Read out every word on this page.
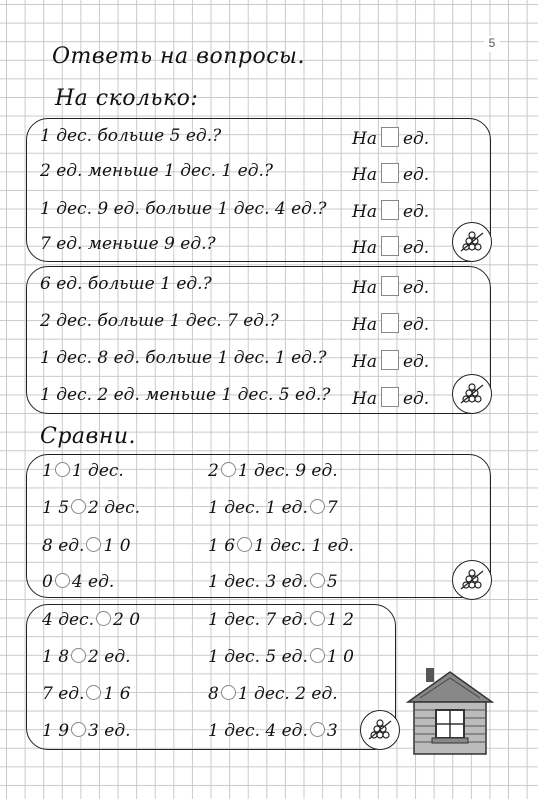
5
Ответь на вопросы.
На сколько:
1 дес. больше 5 ед.?
2 ед. меньше 1 дес. 1 ед.?
1 дес. 9 ед. больше 1 дес. 4 ед.?
7 ед. меньше 9 ед.?
На ед.
На ед.
На ед.
На ед.
6 ед. больше 1 ед.?
2 дес. больше 1 дес. 7 ед.?
1 дес. 8 ед. больше 1 дес. 1 ед.?
1 дес. 2 ед. меньше 1 дес. 5 ед.?
На ед.
На ед.
На ед.
На ед.
Сравни.
1 1 дес.
1 5 2 дес.
8 ед. 1 0
0 4 ед.
2 1 дес. 9 ед.
1 дес. 1 ед. 7
1 6 1 дес. 1 ед.
1 дес. 3 ед. 5
4 дес. 2 0
1 8 2 ед.
7 ед. 1 6
1 9 3 ед.
1 дес. 7 ед. 1 2
1 дес. 5 ед. 1 0
8 1 дес. 2 ед.
1 дес. 4 ед. 3
